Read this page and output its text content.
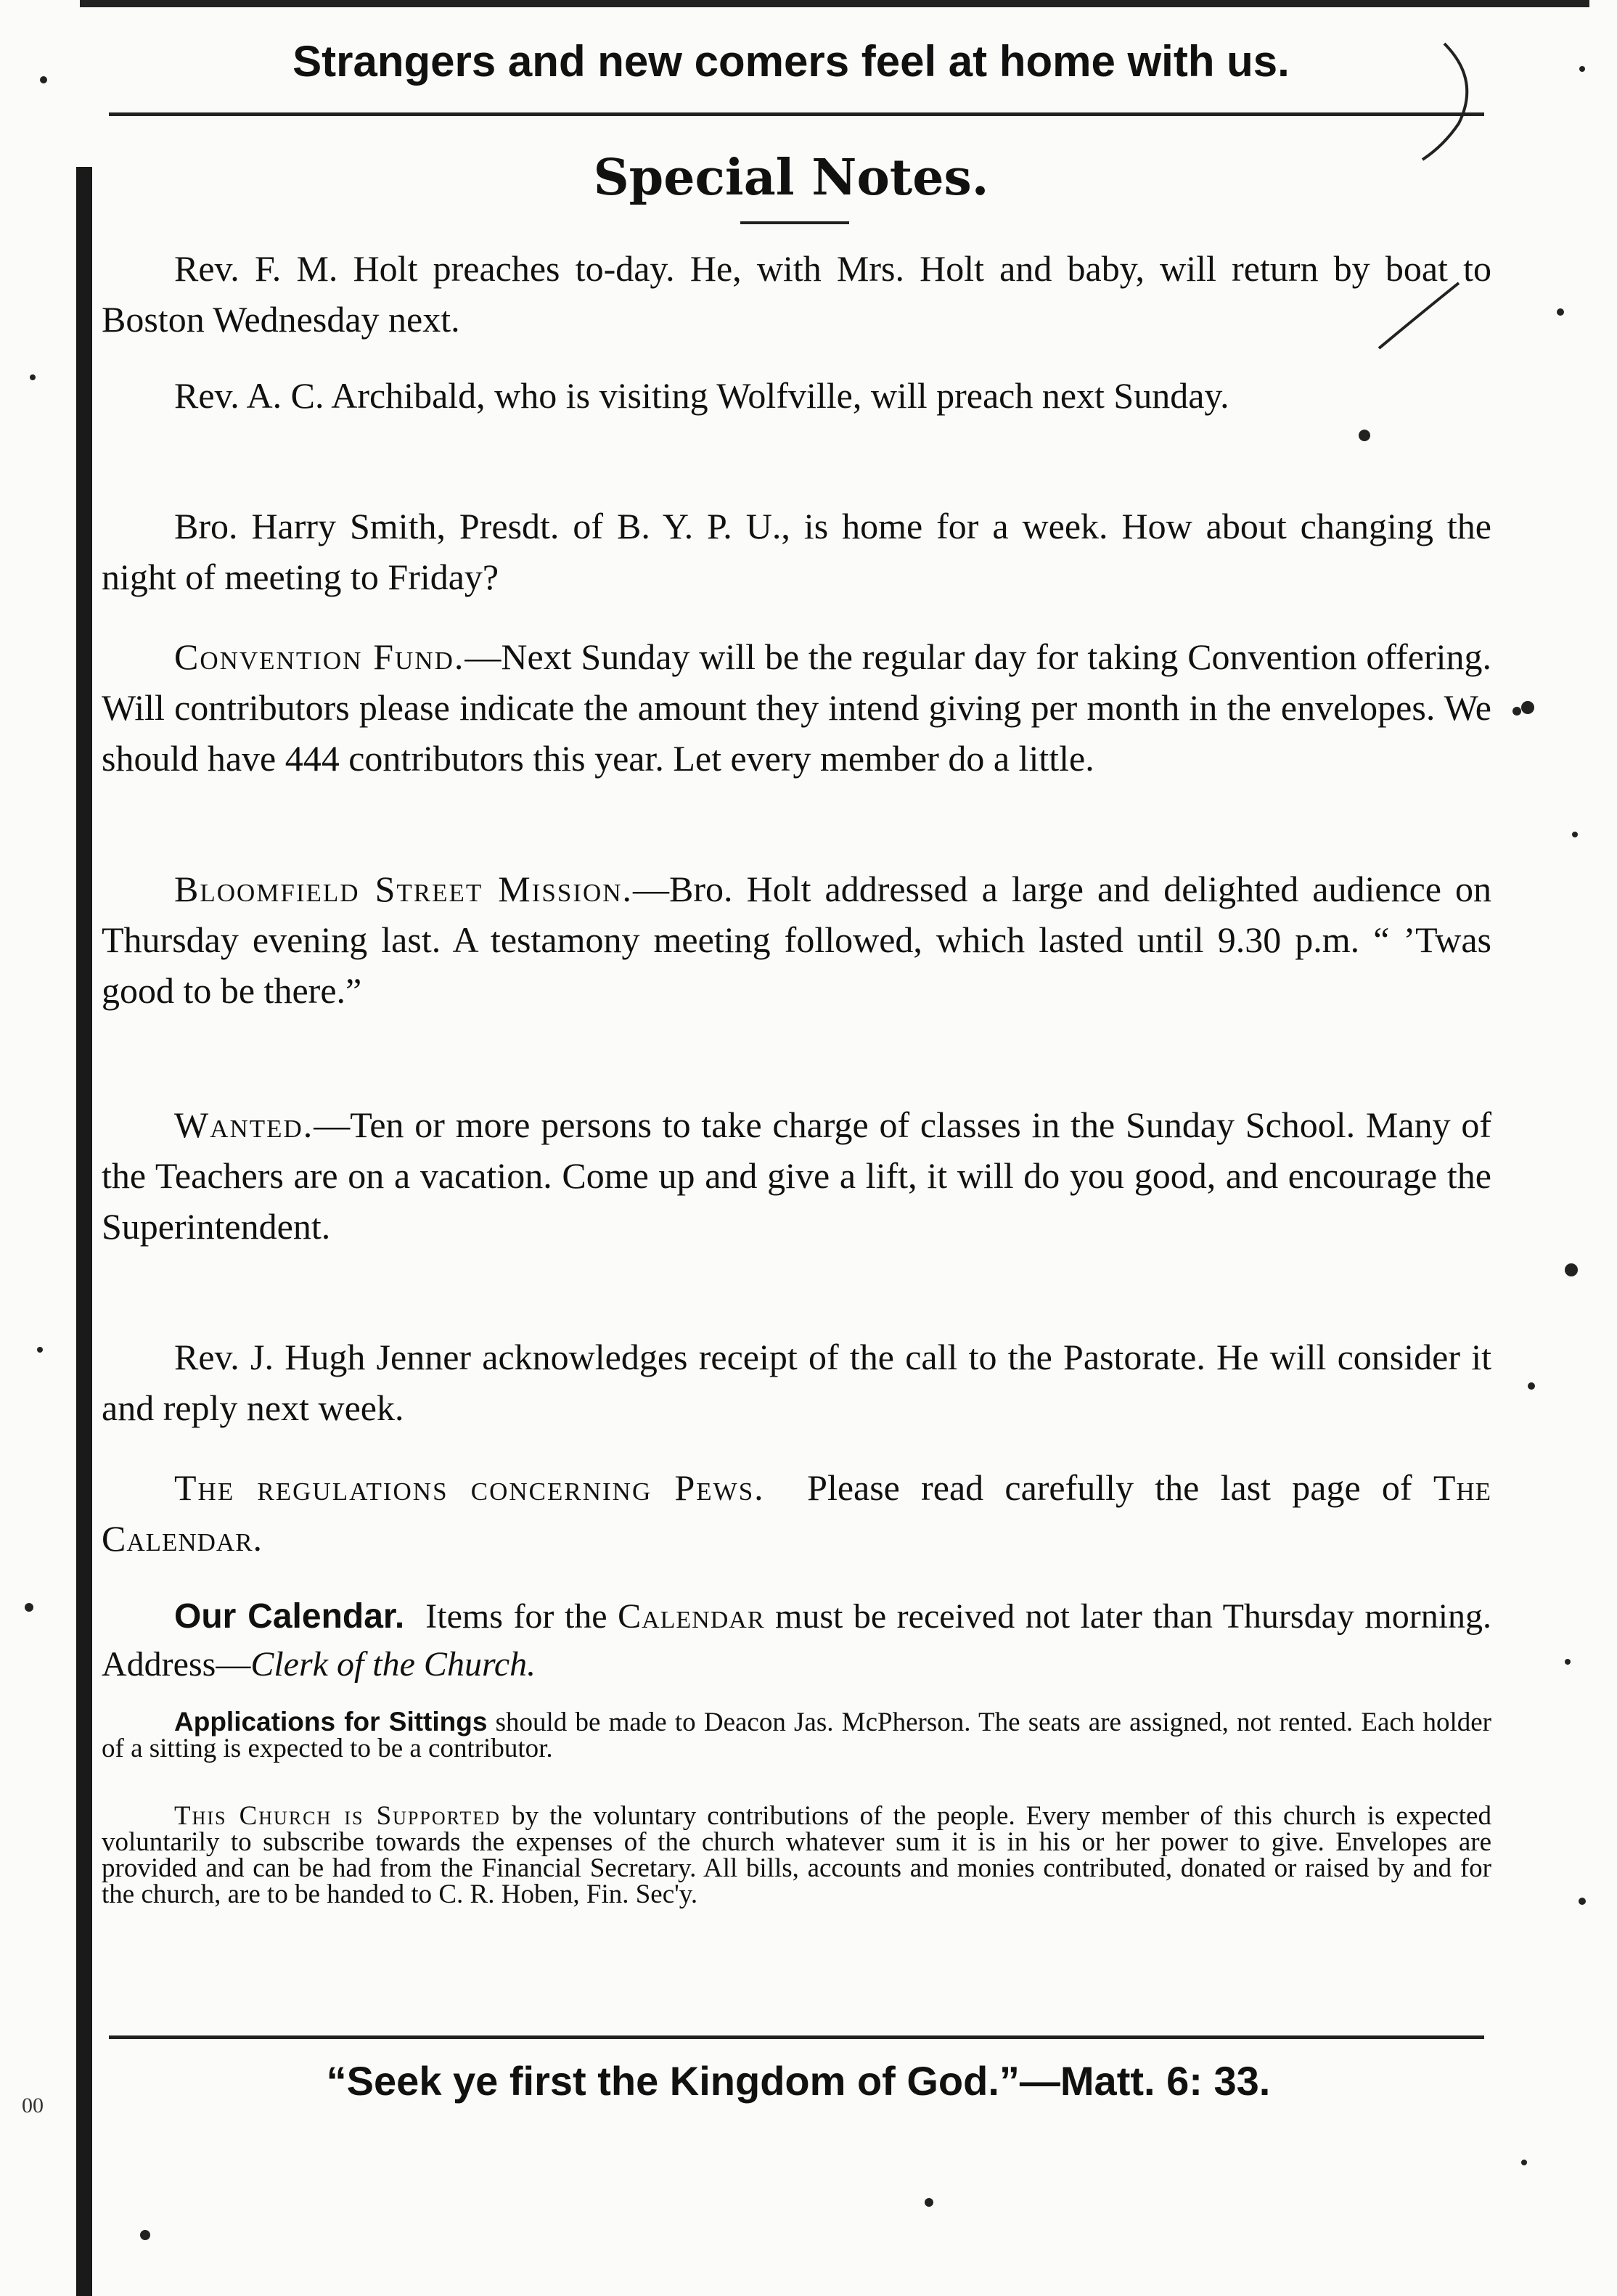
Strangers and new comers feel at home with us.
Special Notes.
Rev. F. M. Holt preaches to-day. He, with Mrs. Holt and baby, will return by boat to Boston Wednesday next.
Rev. A. C. Archibald, who is visiting Wolfville, will preach next Sunday.
Bro. Harry Smith, Presdt. of B. Y. P. U., is home for a week. How about changing the night of meeting to Friday?
Convention Fund.—Next Sunday will be the regular day for taking Convention offering. Will contributors please indicate the amount they intend giving per month in the envelopes. We should have 444 contributors this year. Let every member do a little.
Bloomfield Street Mission.—Bro. Holt addressed a large and delighted audience on Thursday evening last. A testamony meeting followed, which lasted until 9.30 p.m. “ ’Twas good to be there.”
Wanted.—Ten or more persons to take charge of classes in the Sunday School. Many of the Teachers are on a vacation. Come up and give a lift, it will do you good, and encourage the Superintendent.
Rev. J. Hugh Jenner acknowledges receipt of the call to the Pastorate. He will consider it and reply next week.
The regulations concerning Pews. Please read carefully the last page of The Calendar.
Our Calendar. Items for the Calendar must be received not later than Thursday morning. Address—Clerk of the Church.
Applications for Sittings should be made to Deacon Jas. McPherson. The seats are assigned, not rented. Each holder of a sitting is expected to be a contributor.
This Church is Supported by the voluntary contributions of the people. Every member of this church is expected voluntarily to subscribe towards the expenses of the church whatever sum it is in his or her power to give. Envelopes are provided and can be had from the Financial Secretary. All bills, accounts and monies contributed, donated or raised by and for the church, are to be handed to C. R. Hoben, Fin. Sec'y.
“Seek ye first the Kingdom of God.”—Matt. 6: 33.
00
